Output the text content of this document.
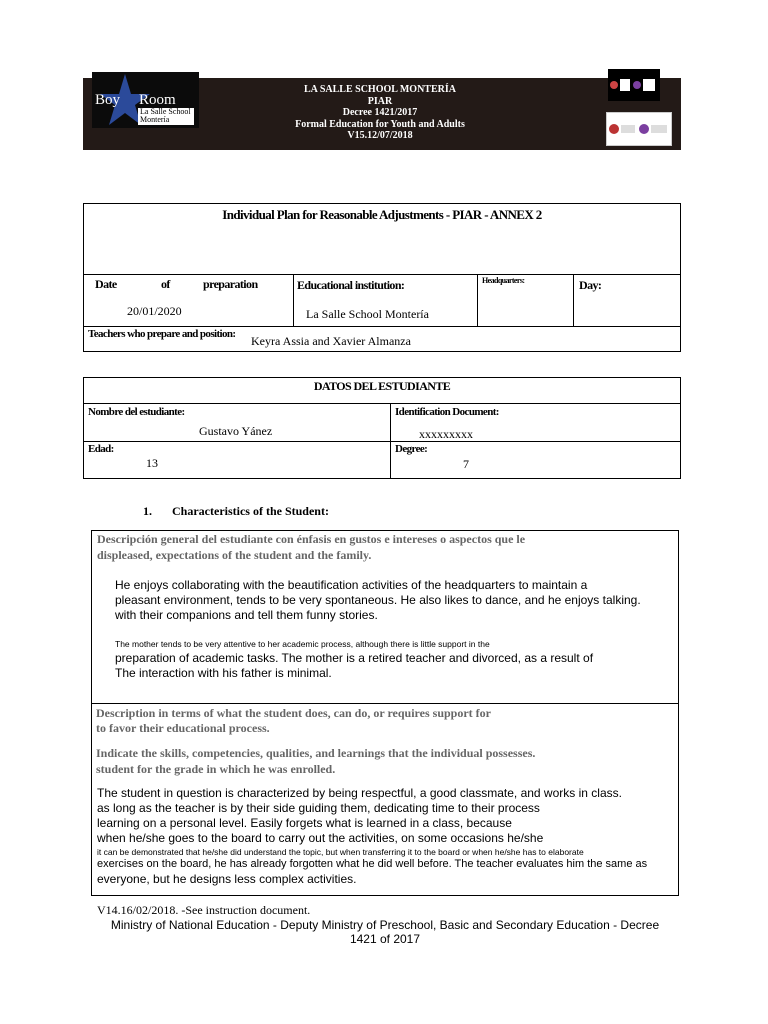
Boy Room
La Salle School
Montería
LA SALLE SCHOOL MONTERÍA
PIAR
Decree 1421/2017
Formal Education for Youth and Adults
V15.12/07/2018
Individual Plan for Reasonable Adjustments - PIAR - ANNEX 2
Date	of	preparation
20/01/2020
Educational institution:
La Salle School Montería
Headquarters:	Day:
Teachers who prepare and position: Keyra Assia and Xavier Almanza
DATOS DEL ESTUDIANTE
Nombre del estudiante:
Gustavo Yánez
Identification Document:
xxxxxxxxx
Edad:
13
Degree:
7
1. Characteristics of the Student:
Descripción general del estudiante con énfasis en gustos e intereses o aspectos que le
displeased, expectations of the student and the family.
He enjoys collaborating with the beautification activities of the headquarters to maintain a
pleasant environment, tends to be very spontaneous. He also likes to dance, and he enjoys talking.
with their companions and tell them funny stories.
The mother tends to be very attentive to her academic process, although there is little support in the
preparation of academic tasks. The mother is a retired teacher and divorced, as a result of
The interaction with his father is minimal.
Description in terms of what the student does, can do, or requires support for
to favor their educational process.
Indicate the skills, competencies, qualities, and learnings that the individual possesses.
student for the grade in which he was enrolled.
The student in question is characterized by being respectful, a good classmate, and works in class.
as long as the teacher is by their side guiding them, dedicating time to their process
learning on a personal level. Easily forgets what is learned in a class, because
when he/she goes to the board to carry out the activities, on some occasions he/she
it can be demonstrated that he/she did understand the topic, but when transferring it to the board or when he/she has to elaborate
exercises on the board, he has already forgotten what he did well before. The teacher evaluates him the same as
everyone, but he designs less complex activities.
V14.16/02/2018. -See instruction document.
Ministry of National Education - Deputy Ministry of Preschool, Basic and Secondary Education - Decree
1421 of 2017
